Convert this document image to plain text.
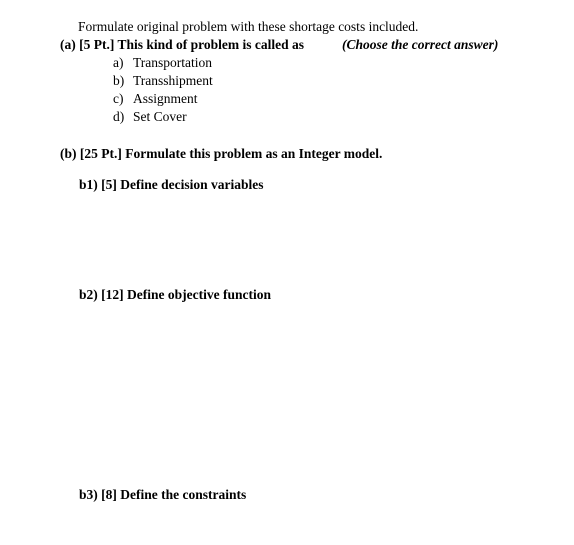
Formulate original problem with these shortage costs included.
(a) [5 Pt.] This kind of problem is called as	(Choose the correct answer)
a) Transportation
b) Transshipment
c) Assignment
d) Set Cover
(b) [25 Pt.] Formulate this problem as an Integer model.
b1) [5] Define decision variables
b2) [12] Define objective function
b3) [8] Define the constraints
